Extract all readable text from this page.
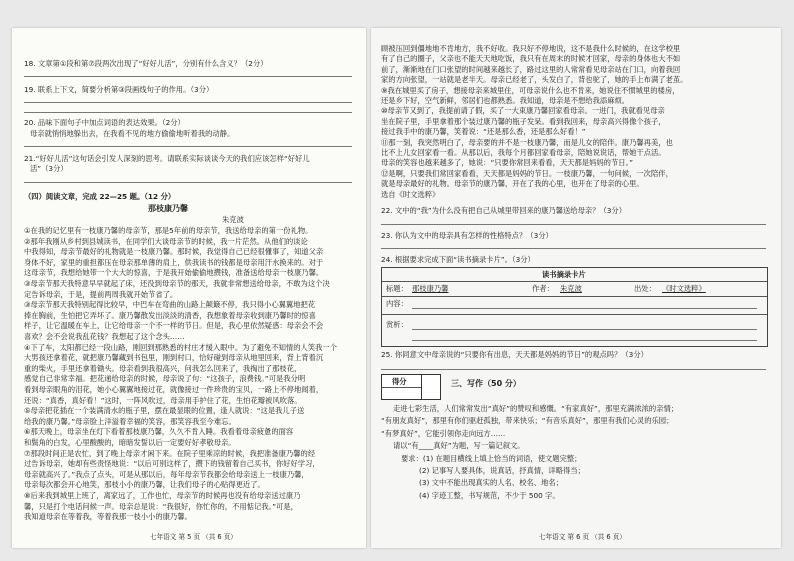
18. 文章第①段和第⑦段两次出现了“好好儿活”，分别有什么含义？（2分）
19. 联系上下文，简要分析第③段画线句子的作用。（3分）
20. 品味下面句子中加点词语的表达效果。（2分）
母亲就悄悄地躲出去，在我看不见的地方偷偷地听着我的动静。
21.“好好儿活”这句话会引发人深刻的思考。请联系实际谈谈今天的我们应该怎样“好好儿
活”（3分）
（四）阅读文章，完成 22—25 题。（12 分）
那枝康乃馨
朱克波
①在我的记忆里有一枝康乃馨的母亲节，那是5年前的母亲节，我送给母亲的第一份礼物。
②那年我刚从乡村到县城读书，在同学们大谈母亲节的时候，我一片茫然。从他们的谈论
中我得知，母亲节最好的礼物就是一枝康乃馨。那时候，我觉得自己已经很懂事了，知道父亲
身体不好，家里的重担都压在母亲那单薄的肩上，供我读书的钱都是母亲用汗水换来的。对于
这母亲节，我想给她带一个大大的惊喜，于是我开始偷偷地攒钱，准备送给母亲一枝康乃馨。
③母亲节那天我特意早早就起了床，还没到母亲节的那天，我就非常想送给母亲，不敢为这个决
定告诉母亲，于是，提前两周我就开始节省了。
③母亲节那天我特别起得比较早，中巴车在弯曲的山路上颠簸不停，我只得小心翼翼地把花
捧在胸前，生怕把它弄坏了。康乃馨散发出淡淡的清香，我想象着母亲收到康乃馨时的惊喜
样子，让它温暖在车上，让它给母亲一个不一样的节日。但是，我心里依然疑惑：母亲会不会
喜欢？会不会说我乱花钱？我想起了这个念头……
④下了车，太阳都已经一段山路，刚回到那熟悉的村庄才缓入眼中。为了避免不知情的人笑我一个
大男孩还拿着花，就把康乃馨藏到书包里，刚到村口，恰好碰到母亲从地里回来，背上背着沉
重的柴火，手里还拿着锄头。母亲看到我很高兴，问我怎么回来了，我掏出了那枝花，
感觉自己非常幸福。把花递给母亲的时候，母亲说了句：“这孩子，浪费钱。”可是我分明
看到母亲眼角的泪花，她小心翼翼地接过花，就像接过一件珍贵的宝贝，一路上不停地闻着，
还说：“真香，真好看！”这时，一阵风吹过，母亲用手护住了花，生怕花瓣被风吹落。
⑤母亲把花插在一个装满清水的瓶子里，摆在最显眼的位置，逢人就说：“这是我儿子送
给我的康乃馨。”母亲脸上洋溢着幸福的笑容，那笑容我至今难忘。
⑥那天晚上，母亲坐在灯下看着那枝康乃馨，久久不肯入睡。我看着母亲疲惫的面容
和鬓角的白发，心里酸酸的，暗暗发誓以后一定要好好孝敬母亲。
⑦那段时间正是农忙，到了晚上母亲才闲下来。在院子里乘凉的时候，我把准备康乃馨的经
过告诉母亲，她却有些责怪地说：“以后可别这样了，攒下的钱留着自己买书，你好好学习，
母亲就高兴了。”我点了点头，可是从那以后，每年母亲节我都会给母亲送上一枝康乃馨，
母亲每次都会开心地笑，那枝小小的康乃馨，让我们母子的心贴得更近了。
⑧后来我到城里上班了，离家远了，工作也忙，母亲节的时候再也没有给母亲送过康乃
馨，只是打个电话问候一声。母亲总是说：“我很好，你忙你的，不用惦记我。”可是，
我知道母亲在等着我，等着我那一枝小小的康乃馨。
七年语文 第 5 页 （共 6 页）
顾被压回到僵地地不肯地方，我不好收。我只好不停地说，这不是我什么时候的，在这学校里
有了自己的圈子，父亲也不能天天地吃饭，我只有在周末的时候才回家，母亲的身体也大不如
前了，渐渐地在门口张望的时间越来越长了，路过这里的人常常看见母亲站在门口，向着我回
家的方向张望，一站就是老半天。母亲已经老了，头发白了，背也驼了，她的手上布满了老茧。
⑨我在城里买了房子，想接母亲来城里住，可母亲说什么也不肯来，她说住不惯城里的楼房，
还是乡下好，空气新鲜，邻居们也都熟悉。我知道，母亲是不想给我添麻烦。
⑩母亲节又到了，我提前请了假，买了一大束康乃馨回家看母亲。一进门，我就看见母亲
坐在院子里，手里拿着那个装过康乃馨的瓶子发呆。看到我回来，母亲高兴得像个孩子，
接过我手中的康乃馨，笑着说：“还是那么香，还是那么好看！”
⑪那一刻，我突然明白了，母亲要的并不是一枝康乃馨，而是儿女的陪伴。康乃馨再美，也
比不上儿女回家看一看。从那以后，我每个月都回家看母亲，陪她说说话，帮她干点活。
母亲的笑容也越来越多了，她说：“只要你常回来看看，天天都是妈妈的节日。”
⑫是啊，只要我们常回家看看，天天都是妈妈的节日。一枝康乃馨，一句问候，一次陪伴，
就是母亲最好的礼物。母亲节的康乃馨，开在了我的心里，也开在了母亲的心里。
选自《时文选粹》
22. 文中的“我”为什么没有把自己从城里带回来的康乃馨送给母亲？（3分）
23. 你认为文中的母亲具有怎样的性格特点？（3分）
24. 根据要求完成下面“读书摘录卡片”。（3分）
读书摘录卡片
标题： 那枝康乃馨	作者： 朱克波	出处： 《时文选粹》
内容：
赏析：
25. 你同意文中母亲说的“只要你有出息，天天都是妈妈的节日”的观点吗？（3分）
得分	三、写作（50 分）
走进七彩生活，人们常常发出“真好”的赞叹和感慨。“有家真好”，那里充满浓浓的亲情；
“有朋友真好”，那里有你们驱赶孤独，带来快乐；“有音乐真好”，那里有我们心灵的乐园；
“有梦真好”，它能引领你走向远方……
请以“有____真好”为题，写一篇记叙文。
要求：(1) 在题目横线上填上恰当的词语，使文题完整；
(2) 记事写人要具体，说真话，抒真情，详略得当；
(3) 文中不能出现真实的人名、校名、地名；
(4) 字迹工整，书写规范，不少于 500 字。
七年语文 第 6 页 （共 6 页）
